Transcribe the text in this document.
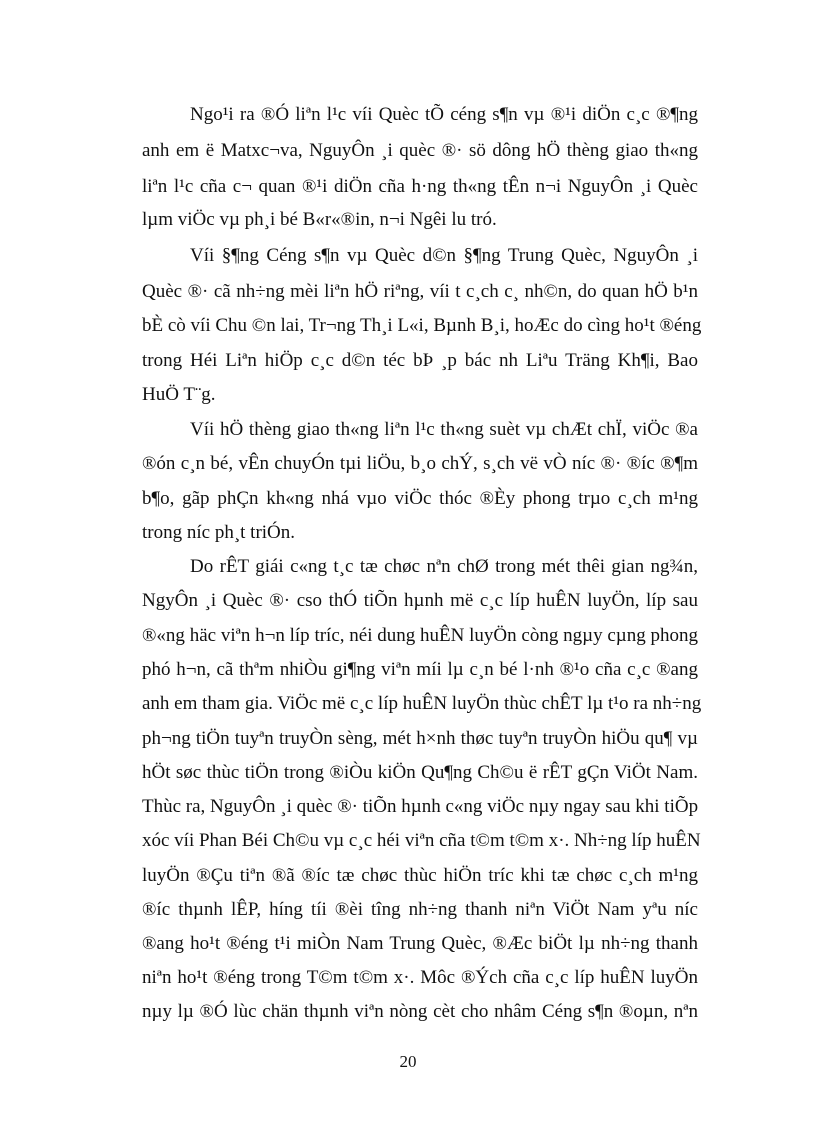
Ngo¹i ra ®Ó liªn l¹c víi Quèc tÕ céng s¶n vµ ®¹i diÖn c¸c ®¶ng
anh em ë Matxc¬va, NguyÔn ¸i quèc ®· sö dông hÖ thèng giao th«ng
liªn l¹c cña c¬ quan ®¹i diÖn cña h·ng th«ng tÊn n¬i NguyÔn ¸i Quèc
lµm viÖc vµ ph¸i bé B«r«®in, n¬i Ngêi lu tró.
Víi §¶ng Céng s¶n vµ Quèc d©n §¶ng Trung Quèc, NguyÔn ¸i
Quèc ®· cã nh÷ng mèi liªn hÖ riªng, víi t c¸ch c¸ nh©n, do quan hÖ b¹n
bÈ cò víi Chu ©n lai, Tr¬ng Th¸i L«i, Bµnh B¸i, hoÆc do cìng ho¹t ®éng
trong Héi Liªn hiÖp c¸c d©n téc bÞ ¸p bác nh Liªu Träng Kh¶i, Bao
HuÖ T¨g.
Víi hÖ thèng giao th«ng liªn l¹c th«ng suèt vµ chÆt chÏ, viÖc ®a
®ón c¸n bé, vÊn chuyÓn tµi liÖu, b¸o chÝ, s¸ch vë vÒ níc ®· ®íc ®¶m
b¶o, gãp phÇn kh«ng nhá vµo viÖc thóc ®Èy phong trµo c¸ch m¹ng
trong níc ph¸t triÓn.
Do rÊT giái c«ng t¸c tæ chøc nªn chØ trong mét thêi gian ng¾n,
NgyÔn ¸i Quèc ®· cso thÓ tiÕn hµnh më c¸c líp huÊN luyÖn, líp sau
®«ng häc viªn h¬n líp tríc, néi dung huÊN luyÖn còng ngµy cµng phong
phó h¬n, cã thªm nhiÒu gi¶ng viªn míi lµ c¸n bé l·nh ®¹o cña c¸c ®ang
anh em tham gia. ViÖc më c¸c líp huÊN luyÖn thùc chÊT lµ t¹o ra nh÷ng
ph¬ng tiÖn tuyªn truyÒn sèng, mét h×nh thøc tuyªn truyÒn hiÖu qu¶ vµ
hÖt søc thùc tiÖn trong ®iÒu kiÖn Qu¶ng Ch©u ë rÊT gÇn ViÖt Nam.
Thùc ra, NguyÔn ¸i quèc ®· tiÕn hµnh c«ng viÖc nµy ngay sau khi tiÕp
xóc víi Phan Béi Ch©u vµ c¸c héi viªn cña t©m t©m x·. Nh÷ng líp huÊN
luyÖn ®Çu tiªn ®ã ®íc tæ chøc thùc hiÖn tríc khi tæ chøc c¸ch m¹ng
®íc thµnh lÊP, híng tíi ®èi tîng nh÷ng thanh niªn ViÖt Nam yªu níc
®ang ho¹t ®éng t¹i miÒn Nam Trung Quèc, ®Æc biÖt lµ nh÷ng thanh
niªn ho¹t ®éng trong T©m t©m x·. Môc ®Ých cña c¸c líp huÊN luyÖn
nµy lµ ®Ó lùc chän thµnh viªn nòng cèt cho nhâm Céng s¶n ®oµn, nªn
20
